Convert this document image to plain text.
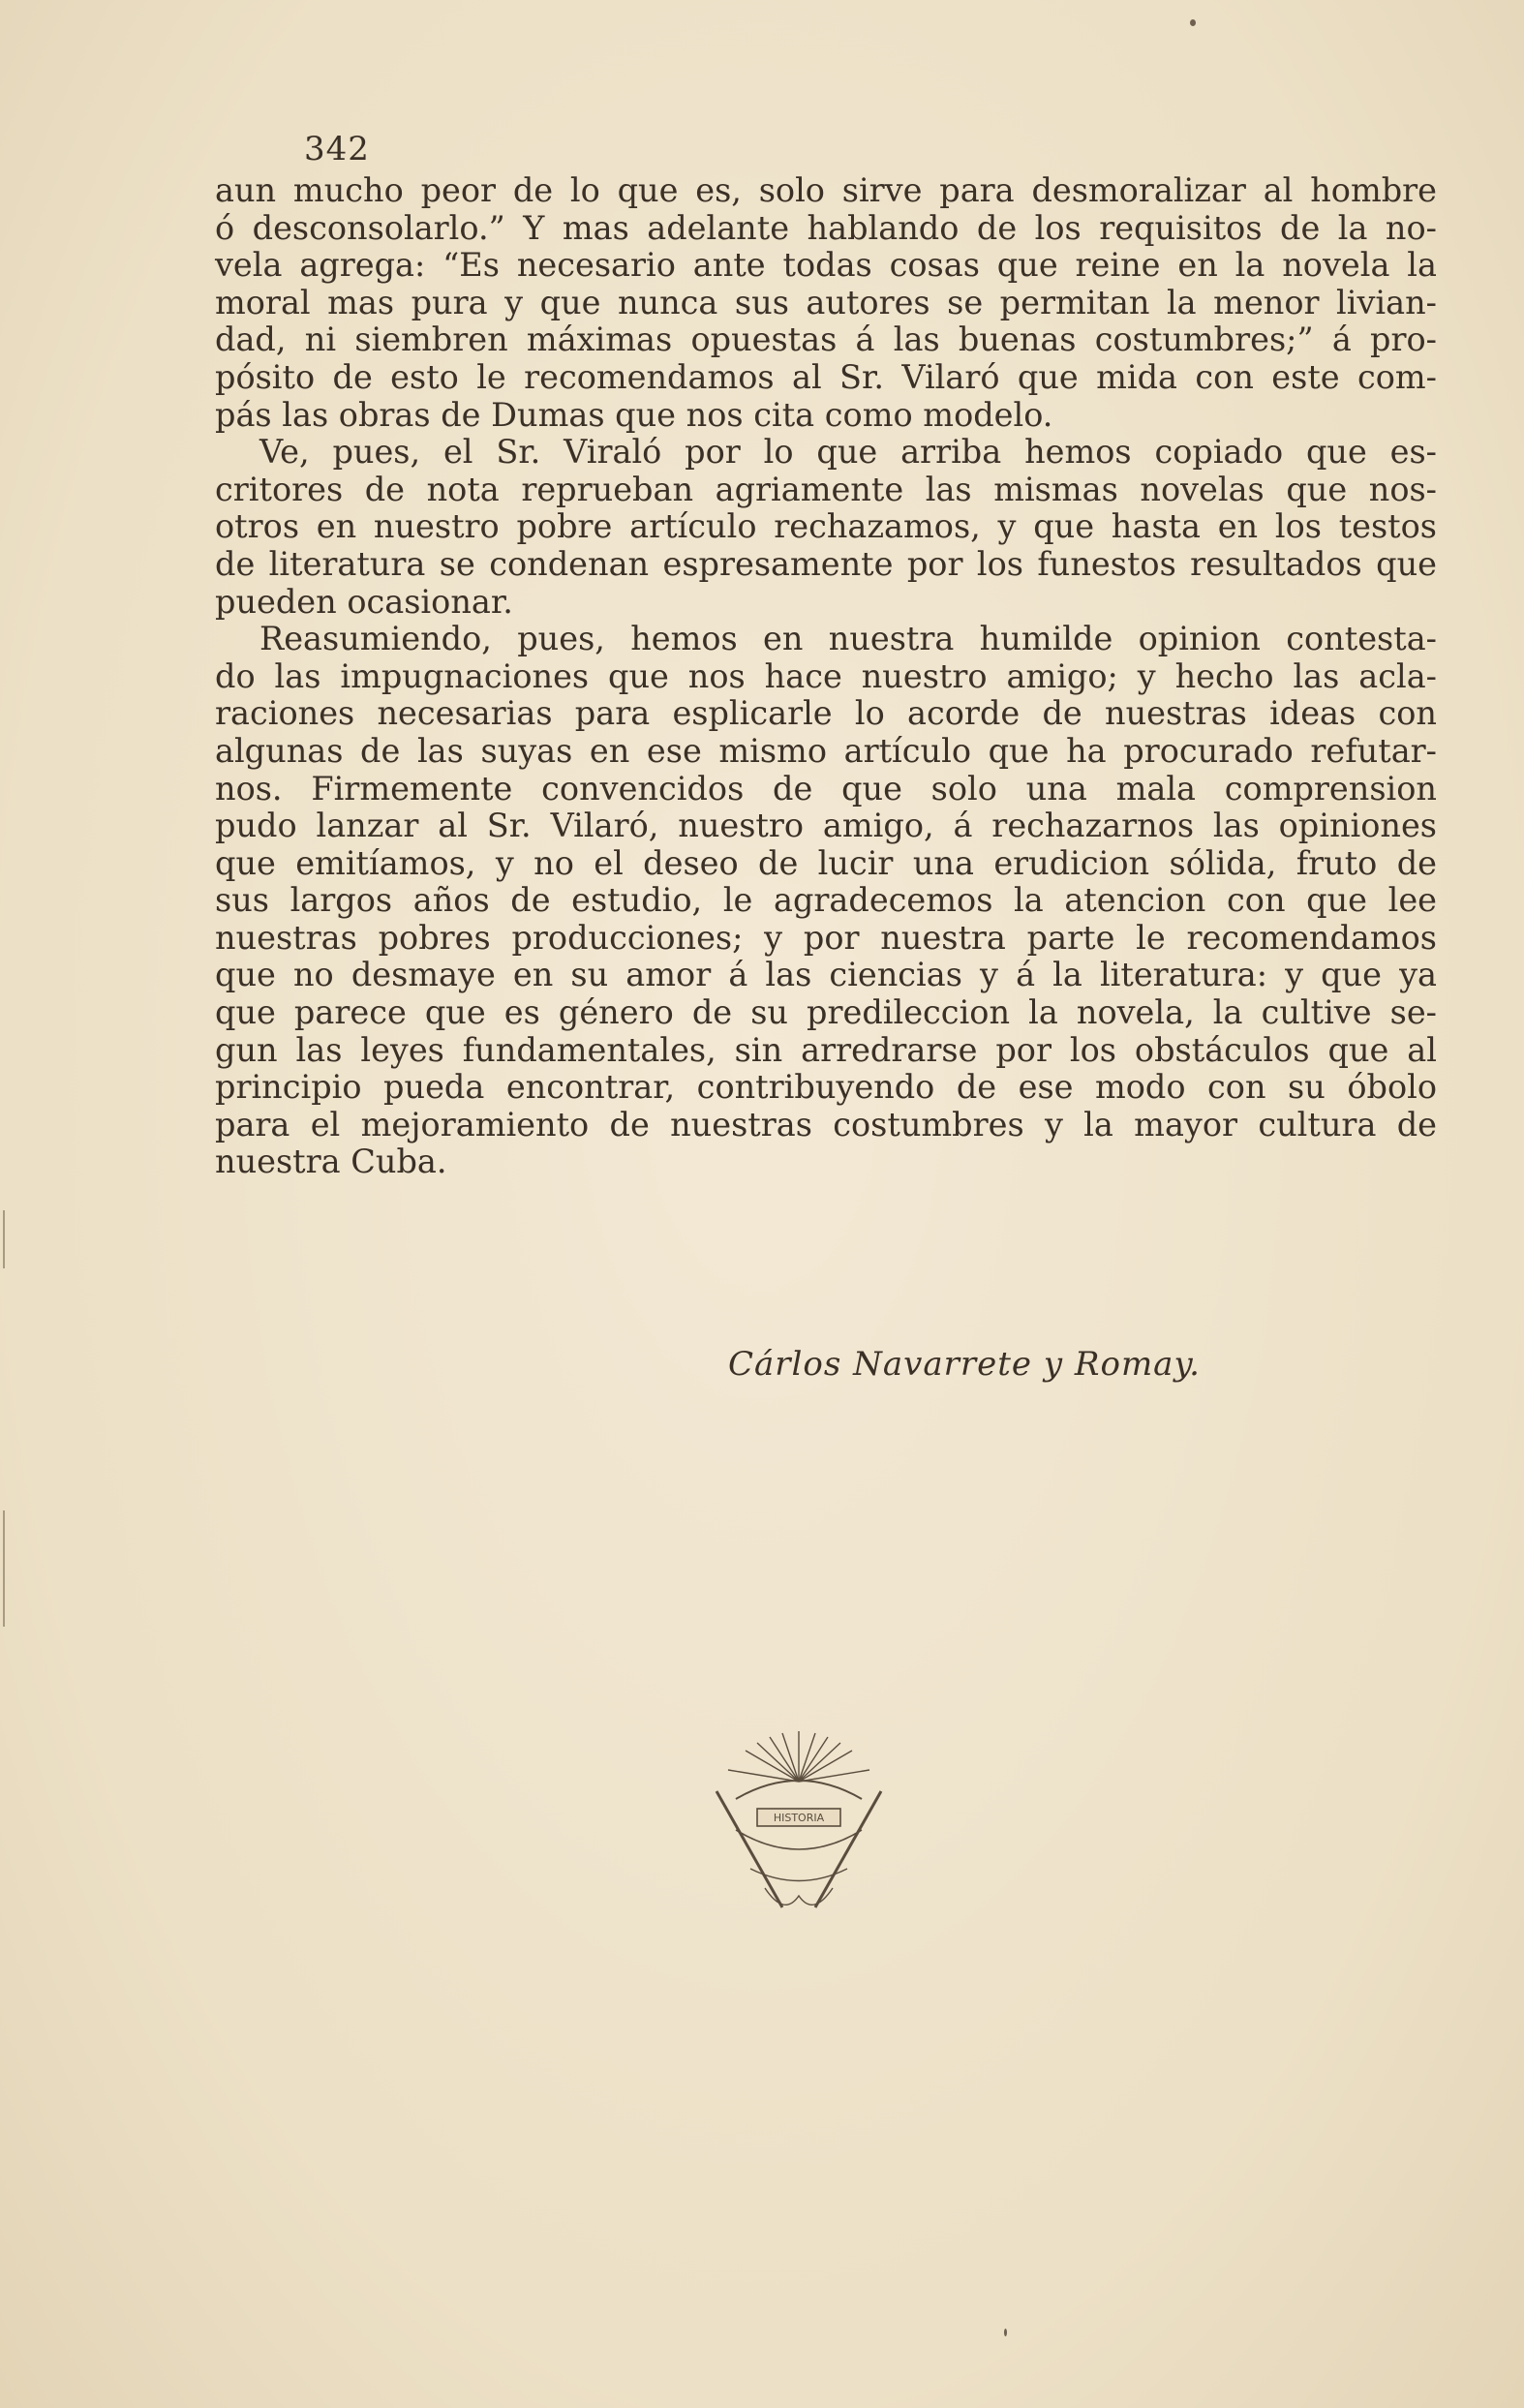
342
aun mucho peor de lo que es, solo sirve para desmoralizar al hombre
ó desconsolarlo.” Y mas adelante hablando de los requisitos de la no-
vela agrega: “Es necesario ante todas cosas que reine en la novela la
moral mas pura y que nunca sus autores se permitan la menor livian-
dad, ni siembren máximas opuestas á las buenas costumbres;” á pro-
pósito de esto le recomendamos al Sr. Vilaró que mida con este com-
pás las obras de Dumas que nos cita como modelo.
Ve, pues, el Sr. Viraló por lo que arriba hemos copiado que es-
critores de nota reprueban agriamente las mismas novelas que nos-
otros en nuestro pobre artículo rechazamos, y que hasta en los testos
de literatura se condenan espresamente por los funestos resultados que
pueden ocasionar.
Reasumiendo, pues, hemos en nuestra humilde opinion contesta-
do las impugnaciones que nos hace nuestro amigo; y hecho las acla-
raciones necesarias para esplicarle lo acorde de nuestras ideas con
algunas de las suyas en ese mismo artículo que ha procurado refutar-
nos. Firmemente convencidos de que solo una mala comprension
pudo lanzar al Sr. Vilaró, nuestro amigo, á rechazarnos las opiniones
que emitíamos, y no el deseo de lucir una erudicion sólida, fruto de
sus largos años de estudio, le agradecemos la atencion con que lee
nuestras pobres producciones; y por nuestra parte le recomendamos
que no desmaye en su amor á las ciencias y á la literatura: y que ya
que parece que es género de su predileccion la novela, la cultive se-
gun las leyes fundamentales, sin arredrarse por los obstáculos que al
principio pueda encontrar, contribuyendo de ese modo con su óbolo
para el mejoramiento de nuestras costumbres y la mayor cultura de
nuestra Cuba.
Cárlos Navarrete y Romay.
HISTORIA
